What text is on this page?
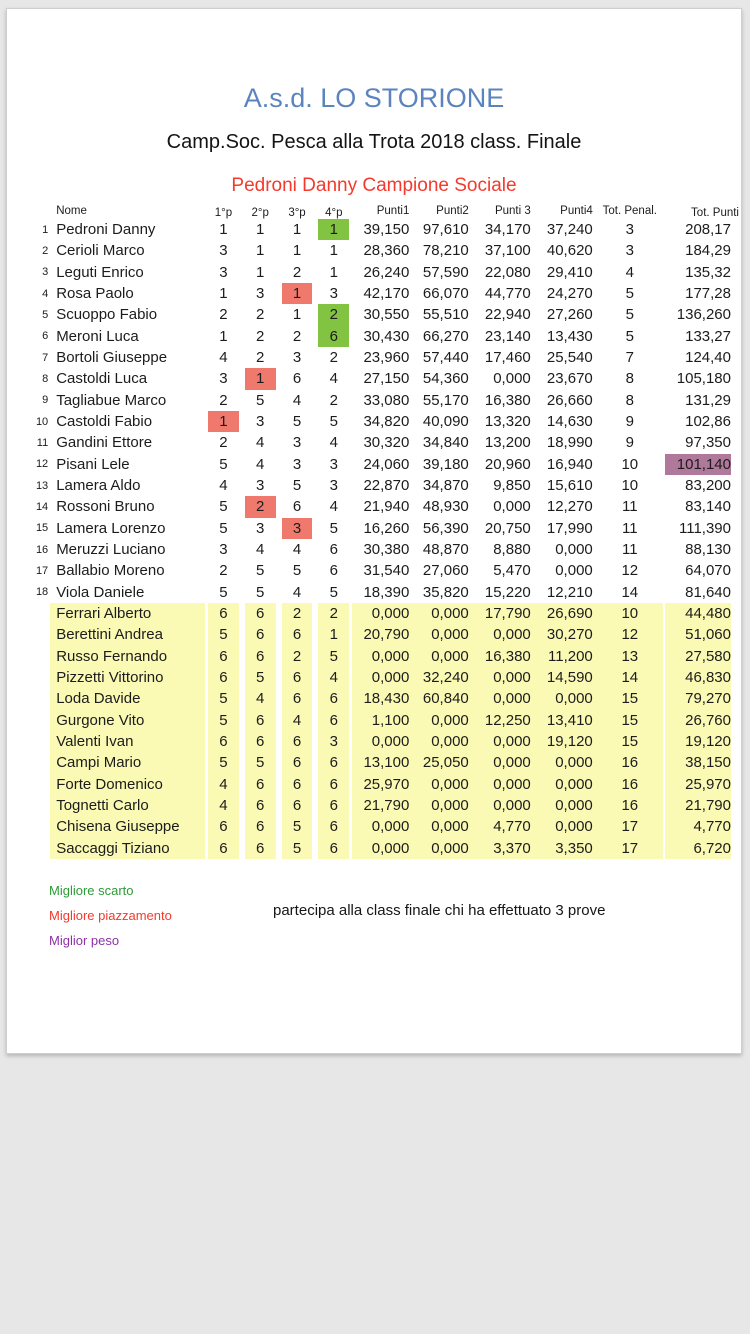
A.s.d. LO STORIONE
Camp.Soc. Pesca alla Trota 2018 class. Finale
Pedroni Danny Campione Sociale
	Nome	1°p	2°p	3°p	4°p	Punti1	Punti2	Punti 3	Punti4	Tot. Penal.	Tot. Punti
1	Pedroni Danny	1	1	1	1	39,150	97,610	34,170	37,240	3	208,17
2	Cerioli Marco	3	1	1	1	28,360	78,210	37,100	40,620	3	184,29
3	Leguti Enrico	3	1	2	1	26,240	57,590	22,080	29,410	4	135,32
4	Rosa Paolo	1	3	1	3	42,170	66,070	44,770	24,270	5	177,28
5	Scuoppo Fabio	2	2	1	2	30,550	55,510	22,940	27,260	5	136,260
6	Meroni Luca	1	2	2	6	30,430	66,270	23,140	13,430	5	133,27
7	Bortoli Giuseppe	4	2	3	2	23,960	57,440	17,460	25,540	7	124,40
8	Castoldi Luca	3	1	6	4	27,150	54,360	0,000	23,670	8	105,180
9	Tagliabue Marco	2	5	4	2	33,080	55,170	16,380	26,660	8	131,29
10	Castoldi Fabio	1	3	5	5	34,820	40,090	13,320	14,630	9	102,86
11	Gandini Ettore	2	4	3	4	30,320	34,840	13,200	18,990	9	97,350
12	Pisani Lele	5	4	3	3	24,060	39,180	20,960	16,940	10	101,140
13	Lamera Aldo	4	3	5	3	22,870	34,870	9,850	15,610	10	83,200
14	Rossoni Bruno	5	2	6	4	21,940	48,930	0,000	12,270	11	83,140
15	Lamera Lorenzo	5	3	3	5	16,260	56,390	20,750	17,990	11	111,390
16	Meruzzi Luciano	3	4	4	6	30,380	48,870	8,880	0,000	11	88,130
17	Ballabio Moreno	2	5	5	6	31,540	27,060	5,470	0,000	12	64,070
18	Viola Daniele	5	5	4	5	18,390	35,820	15,220	12,210	14	81,640
	Ferrari Alberto	6	6	2	2	0,000	0,000	17,790	26,690	10	44,480
	Berettini Andrea	5	6	6	1	20,790	0,000	0,000	30,270	12	51,060
	Russo Fernando	6	6	2	5	0,000	0,000	16,380	11,200	13	27,580
	Pizzetti Vittorino	6	5	6	4	0,000	32,240	0,000	14,590	14	46,830
	Loda Davide	5	4	6	6	18,430	60,840	0,000	0,000	15	79,270
	Gurgone Vito	5	6	4	6	1,100	0,000	12,250	13,410	15	26,760
	Valenti Ivan	6	6	6	3	0,000	0,000	0,000	19,120	15	19,120
	Campi Mario	5	5	6	6	13,100	25,050	0,000	0,000	16	38,150
	Forte Domenico	4	6	6	6	25,970	0,000	0,000	0,000	16	25,970
	Tognetti Carlo	4	6	6	6	21,790	0,000	0,000	0,000	16	21,790
	Chisena Giuseppe	6	6	5	6	0,000	0,000	4,770	0,000	17	4,770
	Saccaggi Tiziano	6	6	5	6	0,000	0,000	3,370	3,350	17	6,720
Migliore scarto
Migliore piazzamento
Miglior peso
partecipa alla class finale chi ha effettuato 3 prove
